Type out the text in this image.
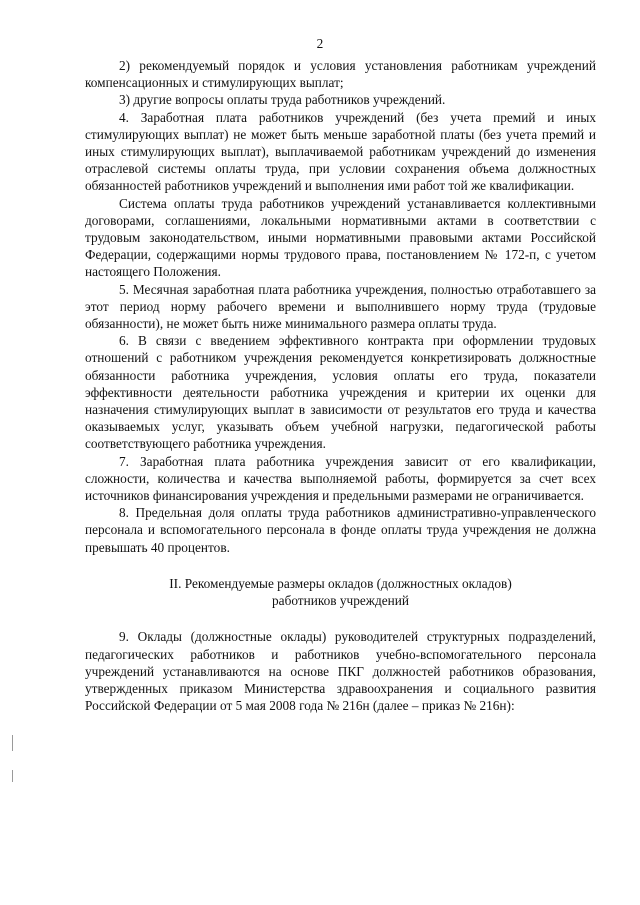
2

2) рекомендуемый порядок и условия установления работникам учреждений компенсационных и стимулирующих выплат;

3) другие вопросы оплаты труда работников учреждений.

4. Заработная плата работников учреждений (без учета премий и иных стимулирующих выплат) не может быть меньше заработной платы (без учета премий и иных стимулирующих выплат), выплачиваемой работникам учреждений до изменения отраслевой системы оплаты труда, при условии сохранения объема должностных обязанностей работников учреждений и выполнения ими работ той же квалификации.

Система оплаты труда работников учреждений устанавливается коллективными договорами, соглашениями, локальными нормативными актами в соответствии с трудовым законодательством, иными нормативными правовыми актами Российской Федерации, содержащими нормы трудового права, постановлением № 172-п, с учетом настоящего Положения.

5. Месячная заработная плата работника учреждения, полностью отработавшего за этот период норму рабочего времени и выполнившего норму труда (трудовые обязанности), не может быть ниже минимального размера оплаты труда.

6. В связи с введением эффективного контракта при оформлении трудовых отношений с работником учреждения рекомендуется конкретизировать должностные обязанности работника учреждения, условия оплаты его труда, показатели эффективности деятельности работника учреждения и критерии их оценки для назначения стимулирующих выплат в зависимости от результатов его труда и качества оказываемых услуг, указывать объем учебной нагрузки, педагогической работы соответствующего работника учреждения.

7. Заработная плата работника учреждения зависит от его квалификации, сложности, количества и качества выполняемой работы, формируется за счет всех источников финансирования учреждения и предельными размерами не ограничивается.

8. Предельная доля оплаты труда работников административно-управленческого персонала и вспомогательного персонала в фонде оплаты труда учреждения не должна превышать 40 процентов.

II. Рекомендуемые размеры окладов (должностных окладов)

работников учреждений

9. Оклады (должностные оклады) руководителей структурных подразделений, педагогических работников и работников учебно-вспомогательного персонала учреждений устанавливаются на основе ПКГ должностей работников образования, утвержденных приказом Министерства здравоохранения и социального развития Российской Федерации от 5 мая 2008 года № 216н (далее – приказ № 216н):
